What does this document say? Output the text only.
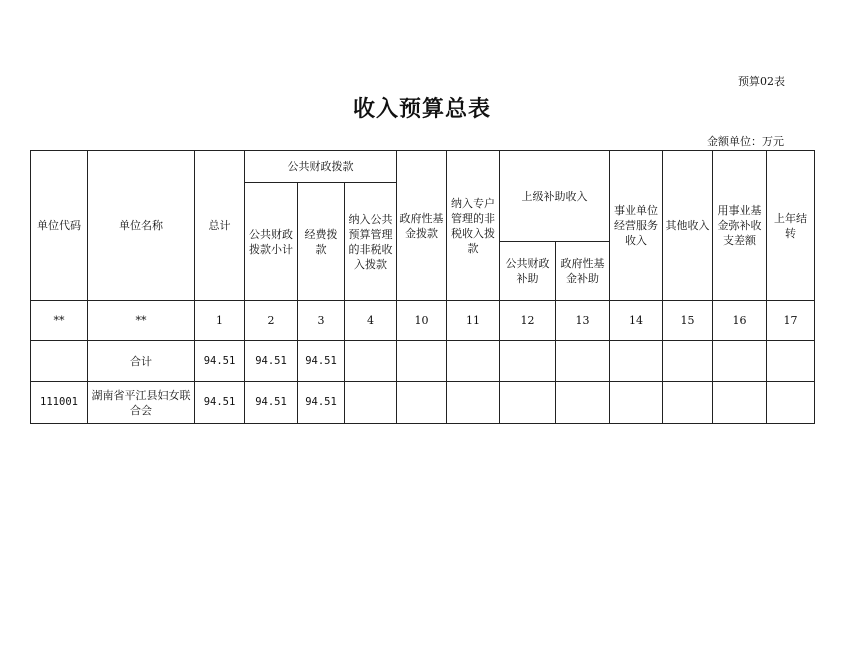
预算02表
收入预算总表
金额单位：万元
单位代码	单位名称	总计	公共财政拨款			政府性基金拨款	纳入专户管理的非税收入拨款	上级补助收入		事业单位经营服务收入	其他收入	用事业基金弥补收支差额	上年结转
			公共财政拨款小计	经费拨款	纳入公共预算管理的非税收入拨款								
								公共财政补助	政府性基金补助				
**	**	1	2	3	4	10	11	12	13	14	15	16	17
	合计	94.51	94.51	94.51									
111001	湖南省平江县妇女联合会	94.51	94.51	94.51									
